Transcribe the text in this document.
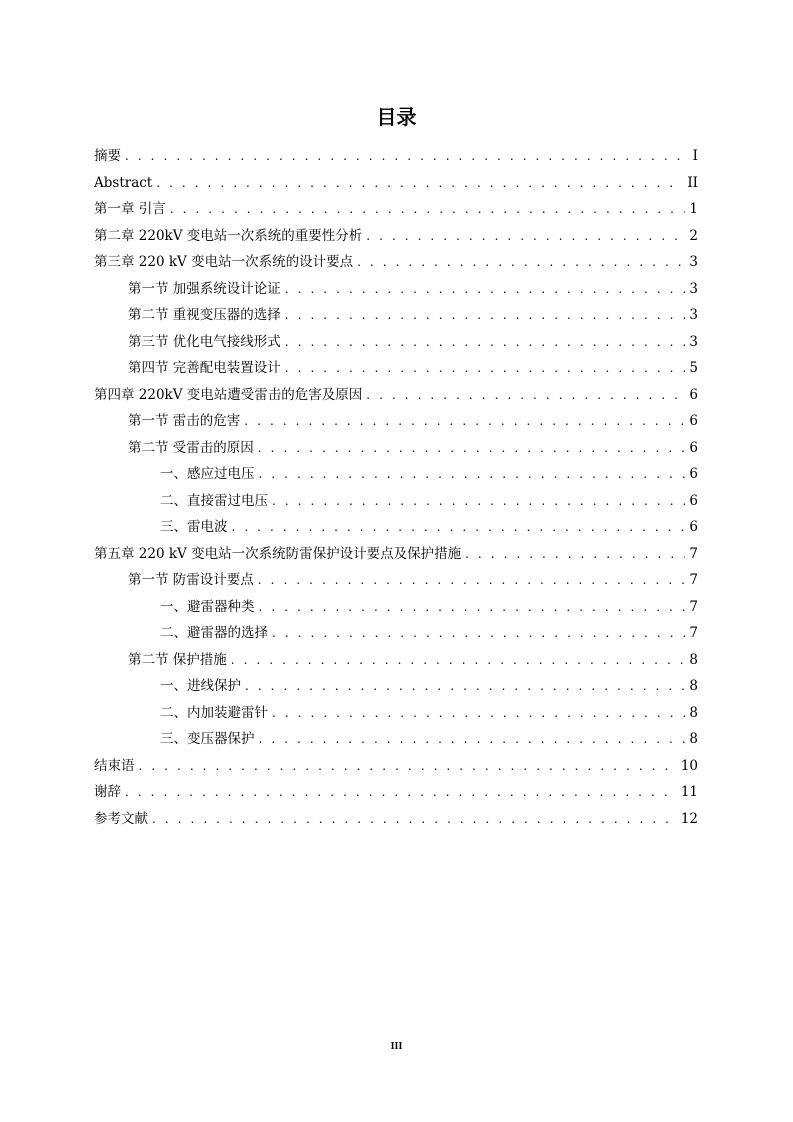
目录
摘要 . . .	I
Abstract . . .	II
第一章 引言 . . .	1
第二章 220kV 变电站一次系统的重要性分析 . . .	2
第三章 220 kV 变电站一次系统的设计要点 . . .	3
第一节 加强系统设计论证 . . .	3
第二节 重视变压器的选择 . . .	3
第三节 优化电气接线形式 . . .	3
第四节 完善配电装置设计 . . .	5
第四章 220kV 变电站遭受雷击的危害及原因 . . .	6
第一节 雷击的危害 . . .	6
第二节 受雷击的原因 . . .	6
一、感应过电压 . . .	6
二、直接雷过电压 . . .	6
三、雷电波 . . .	6
第五章 220 kV 变电站一次系统防雷保护设计要点及保护措施 . . .	7
第一节 防雷设计要点 . . .	7
一、避雷器种类 . . .	7
二、避雷器的选择 . . .	7
第二节 保护措施 . . .	8
一、进线保护 . . .	8
二、内加装避雷针 . . .	8
三、变压器保护 . . .	8
结束语 . . .	10
谢辞 . . .	11
参考文献 . . .	12
III
